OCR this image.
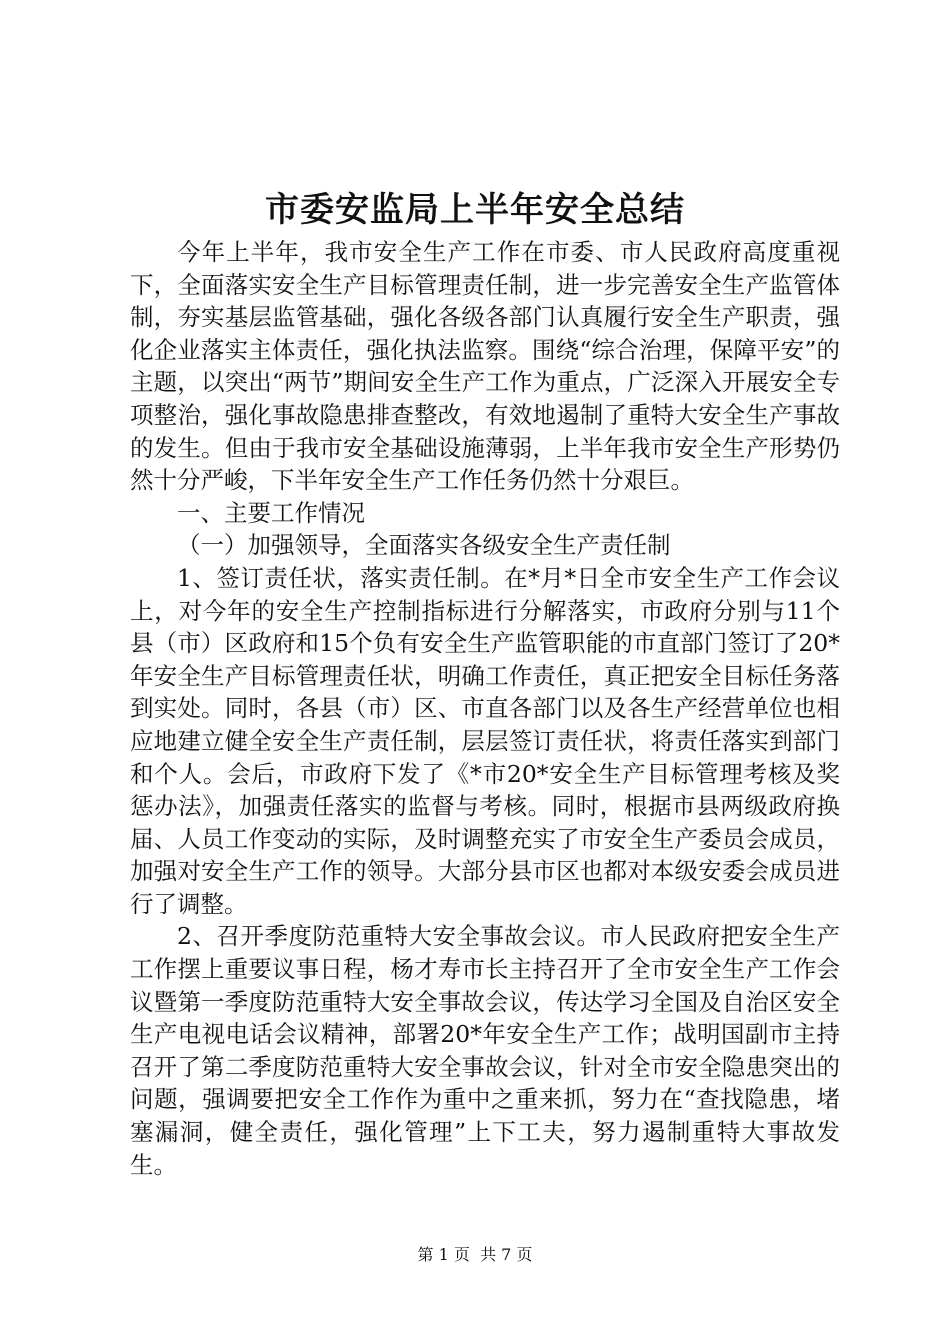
市委安监局上半年安全总结

今年上半年，我市安全生产工作在市委、市人民政府高度重视下，全面落实安全生产目标管理责任制，进一步完善安全生产监管体制，夯实基层监管基础，强化各级各部门认真履行安全生产职责，强化企业落实主体责任，强化执法监察。围绕“综合治理，保障平安”的主题，以突出“两节”期间安全生产工作为重点，广泛深入开展安全专项整治，强化事故隐患排查整改，有效地遏制了重特大安全生产事故的发生。但由于我市安全基础设施薄弱，上半年我市安全生产形势仍然十分严峻，下半年安全生产工作任务仍然十分艰巨。

一、主要工作情况

（一）加强领导，全面落实各级安全生产责任制

1、签订责任状，落实责任制。在*月*日全市安全生产工作会议上，对今年的安全生产控制指标进行分解落实，市政府分别与11个县（市）区政府和15个负有安全生产监管职能的市直部门签订了20*年安全生产目标管理责任状，明确工作责任，真正把安全目标任务落到实处。同时，各县（市）区、市直各部门以及各生产经营单位也相应地建立健全安全生产责任制，层层签订责任状，将责任落实到部门和个人。会后，市政府下发了《*市20*安全生产目标管理考核及奖惩办法》，加强责任落实的监督与考核。同时，根据市县两级政府换届、人员工作变动的实际，及时调整充实了市安全生产委员会成员，加强对安全生产工作的领导。大部分县市区也都对本级安委会成员进行了调整。

2、召开季度防范重特大安全事故会议。市人民政府把安全生产工作摆上重要议事日程，杨才寿市长主持召开了全市安全生产工作会议暨第一季度防范重特大安全事故会议，传达学习全国及自治区安全生产电视电话会议精神，部署20*年安全生产工作；战明国副市主持召开了第二季度防范重特大安全事故会议，针对全市安全隐患突出的问题，强调要把安全工作作为重中之重来抓，努力在“查找隐患，堵塞漏洞，健全责任，强化管理”上下工夫，努力遏制重特大事故发生。

第 1 页  共 7 页
